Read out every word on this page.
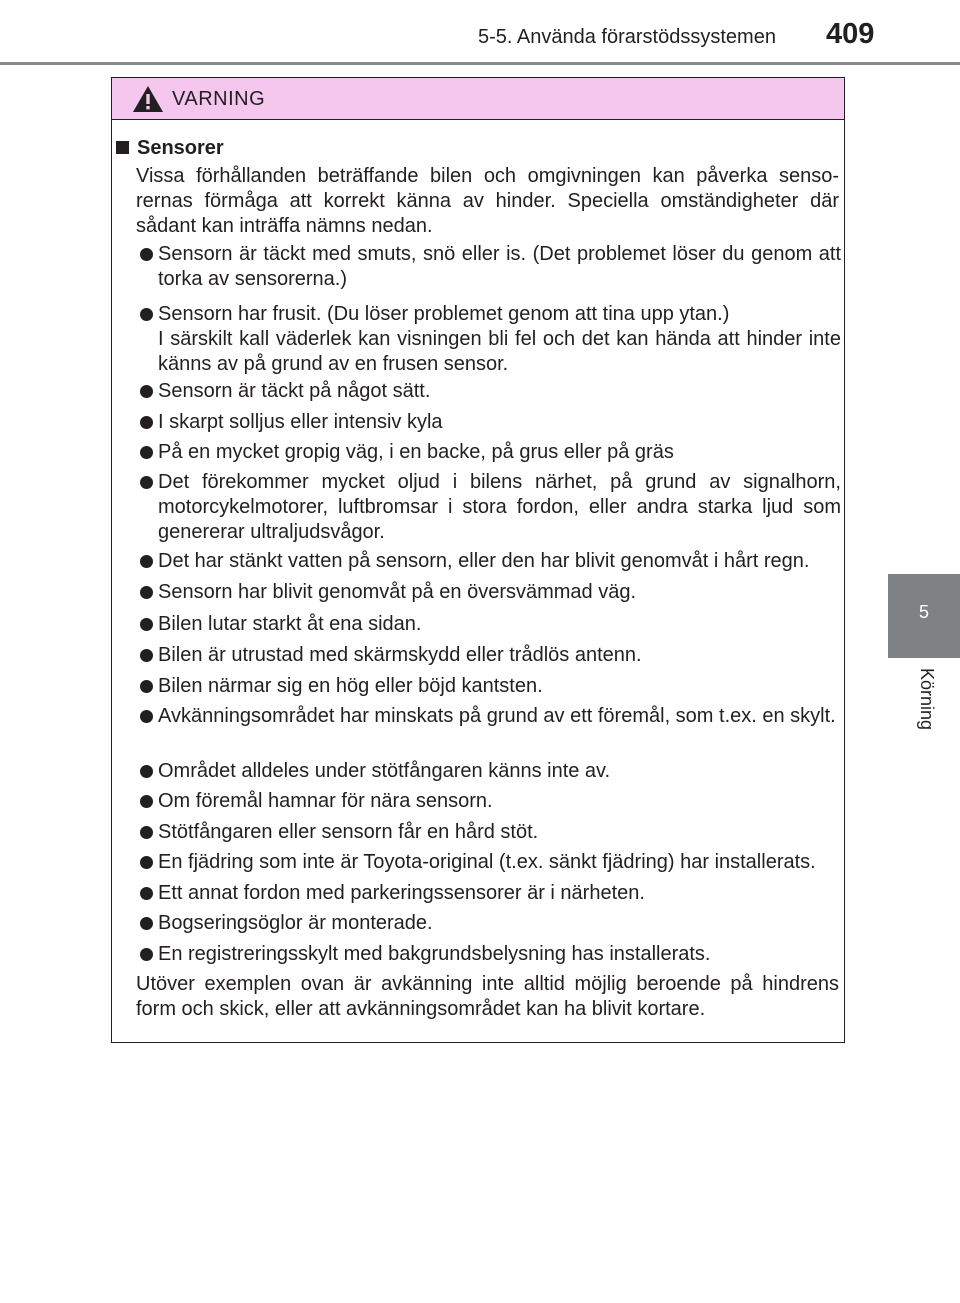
5-5. Använda förarstödssystemen 409
5
Körning
VARNING
Sensorer
Vissa förhållanden beträffande bilen och omgivningen kan påverka senso- rernas förmåga att korrekt känna av hinder. Speciella omständigheter där sådant kan inträffa nämns nedan.
Sensorn är täckt med smuts, snö eller is. (Det problemet löser du genom att torka av sensorerna.)
Sensorn har frusit. (Du löser problemet genom att tina upp ytan.)
I särskilt kall väderlek kan visningen bli fel och det kan hända att hinder inte känns av på grund av en frusen sensor.
Sensorn är täckt på något sätt.
I skarpt solljus eller intensiv kyla
På en mycket gropig väg, i en backe, på grus eller på gräs
Det förekommer mycket oljud i bilens närhet, på grund av signalhorn, motorcykelmotorer, luftbromsar i stora fordon, eller andra starka ljud som genererar ultraljudsvågor.
Det har stänkt vatten på sensorn, eller den har blivit genomvåt i hårt regn.
Sensorn har blivit genomvåt på en översvämmad väg.
Bilen lutar starkt åt ena sidan.
Bilen är utrustad med skärmskydd eller trådlös antenn.
Bilen närmar sig en hög eller böjd kantsten.
Avkänningsområdet har minskats på grund av ett föremål, som t.ex. en skylt.
Området alldeles under stötfångaren känns inte av.
Om föremål hamnar för nära sensorn.
Stötfångaren eller sensorn får en hård stöt.
En fjädring som inte är Toyota-original (t.ex. sänkt fjädring) har installerats.
Ett annat fordon med parkeringssensorer är i närheten.
Bogseringsöglor är monterade.
En registreringsskylt med bakgrundsbelysning has installerats.
Utöver exemplen ovan är avkänning inte alltid möjlig beroende på hindrens form och skick, eller att avkänningsområdet kan ha blivit kortare.
